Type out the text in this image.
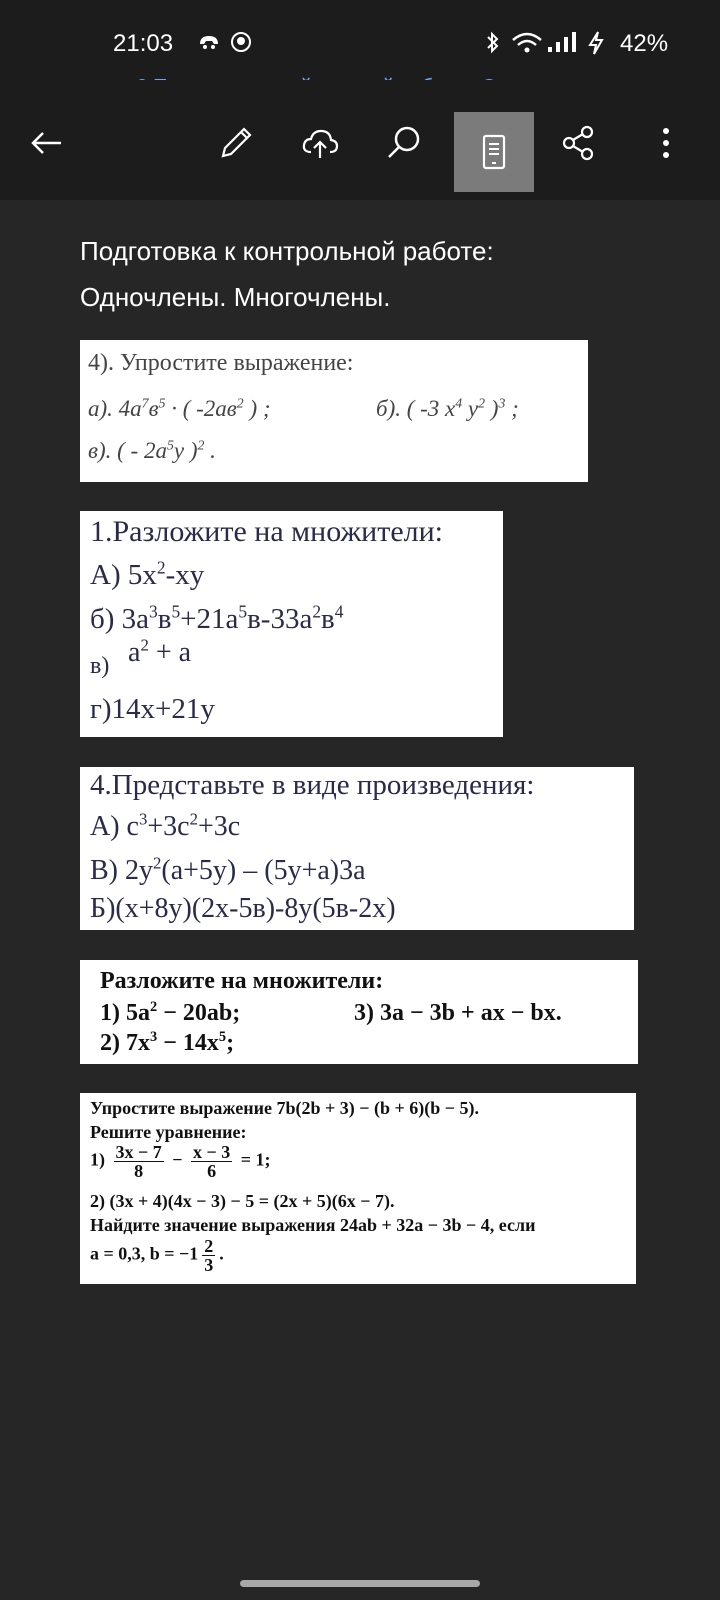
21:03	42%
Подготовка к контрольной работе:
Одночлены. Многочлены.
4). Упростите выражение:
а). $4а^7в^5$ · ( $-2ав^2$ ) ;	б). ( -3 $х^4$ $у^2$ )$^3$ ;
в). ( - $2а^5у$ )$^2$ .
1.Разложите на множители:
А) $5x^2-xy$
б) $3а^3в^5+21а^5в-33а^2в^4$
в) $а^2 + а$
г)14x+21y
4.Представьте в виде произведения:
А) $с^3+3с^2+3с$
В) $2y^2(a+5y) - (5y+a)3a$
Б)(x+8y)(2x-5в)-8y(5в-2x)
Разложите на множители:
1) $5a^2 - 20ab$;	3) 3a − 3b + ax − bx.
2) $7x^3 - 14x^5$;
Упростите выражение 7b(2b + 3) − (b + 6)(b − 5).
Решите уравнение:
$1) \frac{3x - 7}{8} - \frac{x - 3}{6} = 1$;
2) (3x + 4)(4x − 3) − 5 = (2x + 5)(6x − 7).
Найдите значение выражения 24ab + 32a − 3b − 4, если
a = 0,3, $b = -1 \frac{2}{3}$ .
